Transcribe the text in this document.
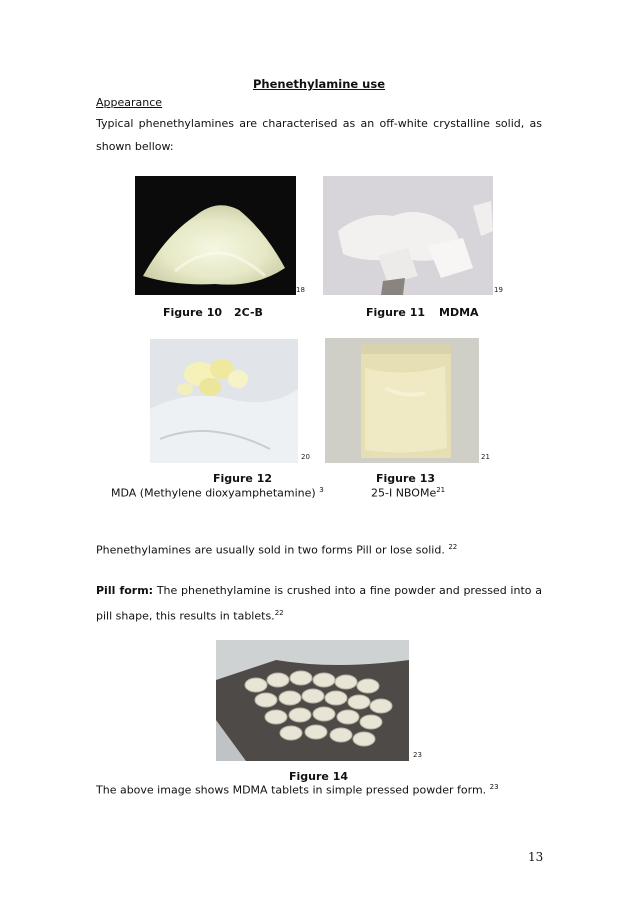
Phenethylamine use
Appearance
Typical phenethylamines are characterised as an off-white crystalline solid, as shown bellow:
18	19
Figure 10 2C-B	Figure 11 MDMA
20	21
Figure 12
MDA (Methylene dioxyamphetamine) $^3$
Figure 13
25-I NBOMe$^{21}$
Phenethylamines are usually sold in two forms Pill or lose solid. $^{22}$
Pill form: The phenethylamine is crushed into a fine powder and pressed into a pill shape, this results in tablets.$^{22}$
23
Figure 14
The above image shows MDMA tablets in simple pressed powder form. $^{23}$
13
